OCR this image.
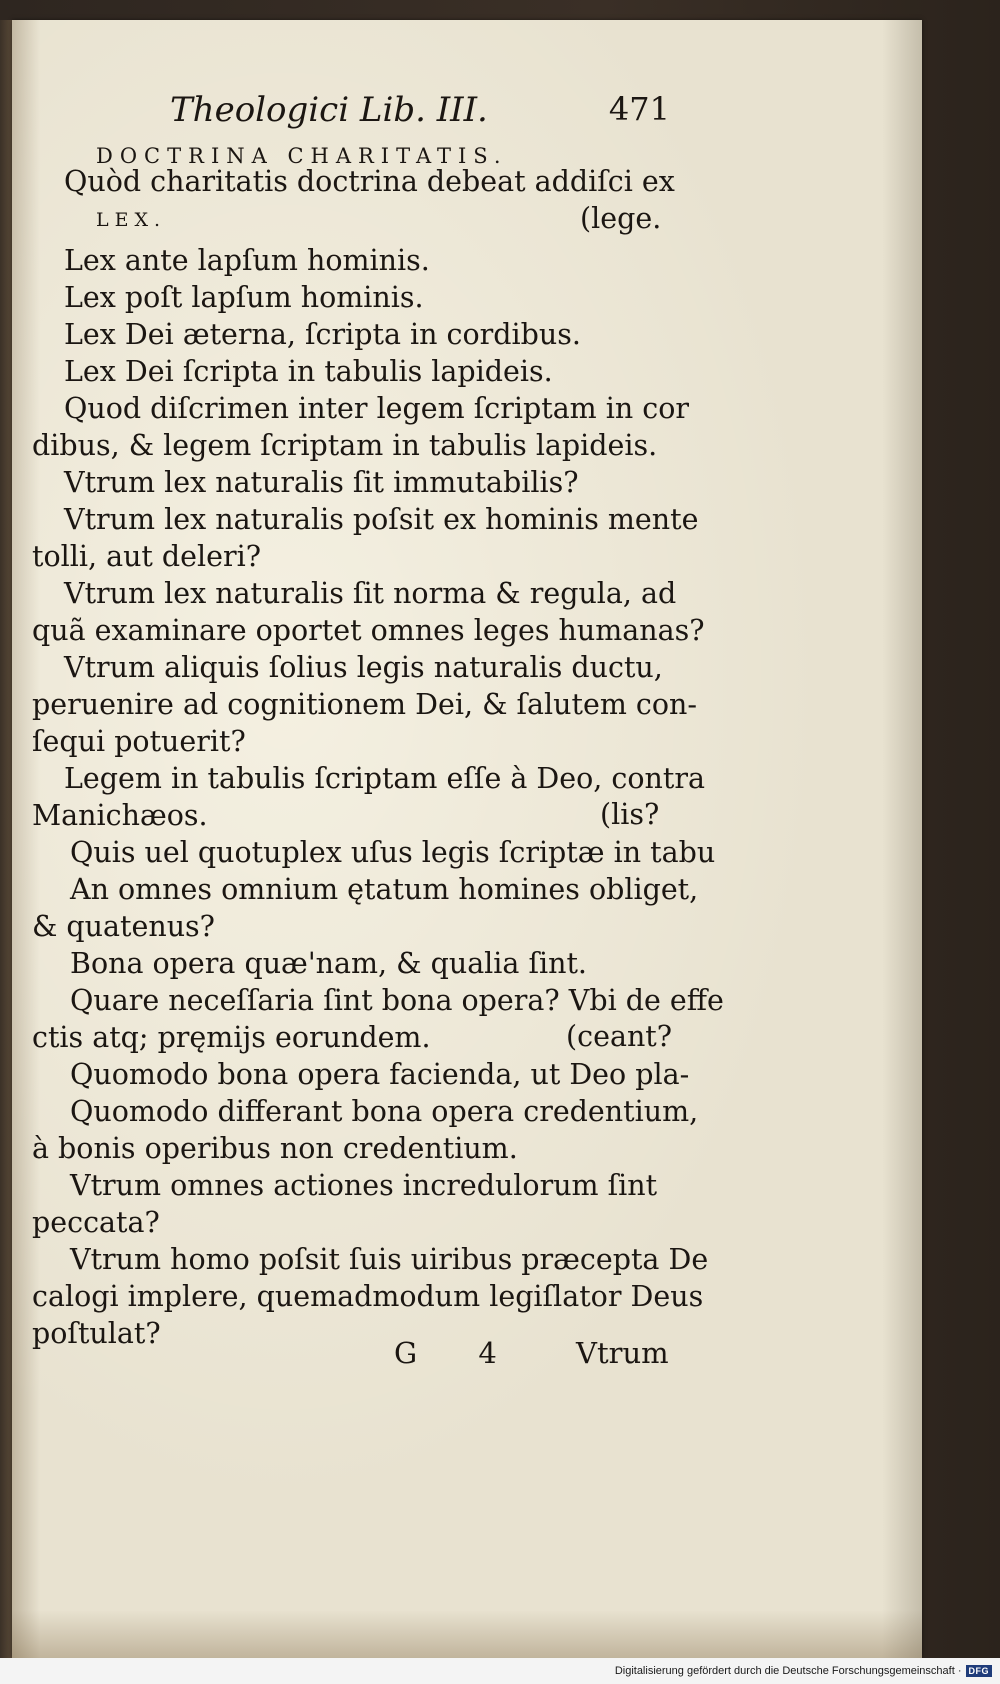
Theologici Lib. III.	471
DOCTRINA CHARITATIS.
Quòd charitatis doctrina debeat addiſci ex
LEX.	(lege.
Lex ante lapſum hominis.
Lex poſt lapſum hominis.
Lex Dei æterna, ſcripta in cordibus.
Lex Dei ſcripta in tabulis lapideis.
Quod diſcrimen inter legem ſcriptam in cor
dibus, & legem ſcriptam in tabulis lapideis.
Vtrum lex naturalis ſit immutabilis?
Vtrum lex naturalis poſsit ex hominis mente
tolli, aut deleri?
Vtrum lex naturalis ſit norma & regula, ad
quã examinare oportet omnes leges humanas?
Vtrum aliquis ſolius legis naturalis ductu,
peruenire ad cognitionem Dei, & ſalutem con-
ſequi potuerit?
Legem in tabulis ſcriptam eſſe à Deo, contra
Manichæos.	(lis?
Quis uel quotuplex uſus legis ſcriptæ in tabu
An omnes omnium ętatum homines obliget,
& quatenus?
Bona opera quæ'nam, & qualia ſint.
Quare neceſſaria ſint bona opera? Vbi de effe
ctis atq; pręmijs eorundem.	(ceant?
Quomodo bona opera facienda, ut Deo pla-
Quomodo differant bona opera credentium,
à bonis operibus non credentium.
Vtrum omnes actiones incredulorum ſint
peccata?
Vtrum homo poſsit ſuis uiribus præcepta De
calogi implere, quemadmodum legiſlator Deus
poſtulat?
G 4 Vtrum
Digitalisierung gefördert durch die Deutsche Forschungsgemeinschaft · DFG
